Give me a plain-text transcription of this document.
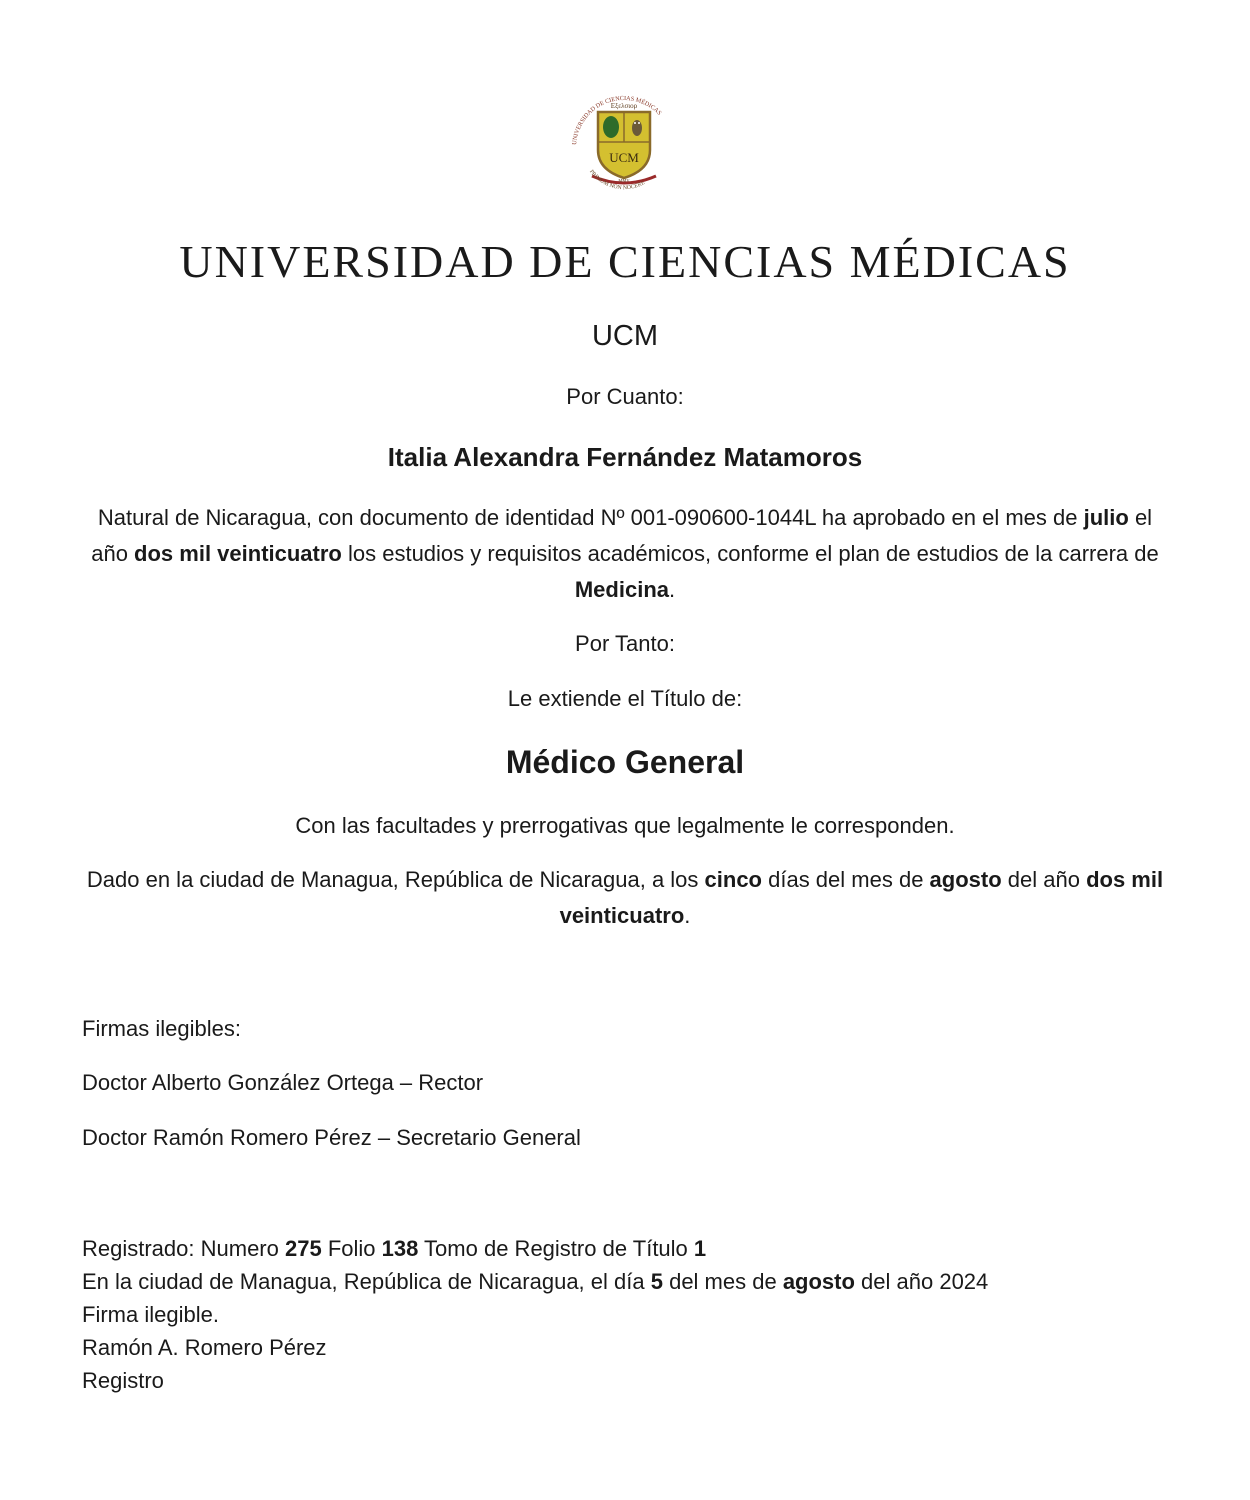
UNIVERSIDAD DE CIENCIAS MÉDICAS
Εξελσιορ
UCM
MMV
PRIMUM NON NOCERE
UNIVERSIDAD DE CIENCIAS MÉDICAS
UCM
Por Cuanto:
Italia Alexandra Fernández Matamoros
Natural de Nicaragua, con documento de identidad Nº 001-090600-1044L ha aprobado en el mes de julio el año dos mil veinticuatro los estudios y requisitos académicos, conforme el plan de estudios de la carrera de Medicina.
Por Tanto:
Le extiende el Título de:
Médico General
Con las facultades y prerrogativas que legalmente le corresponden.
Dado en la ciudad de Managua, República de Nicaragua, a los cinco días del mes de agosto del año dos mil veinticuatro.
Firmas ilegibles:
Doctor Alberto González Ortega – Rector
Doctor Ramón Romero Pérez – Secretario General
Registrado: Numero 275 Folio 138 Tomo de Registro de Título 1
En la ciudad de Managua, República de Nicaragua, el día 5 del mes de agosto del año 2024
Firma ilegible.
Ramón A. Romero Pérez
Registro
